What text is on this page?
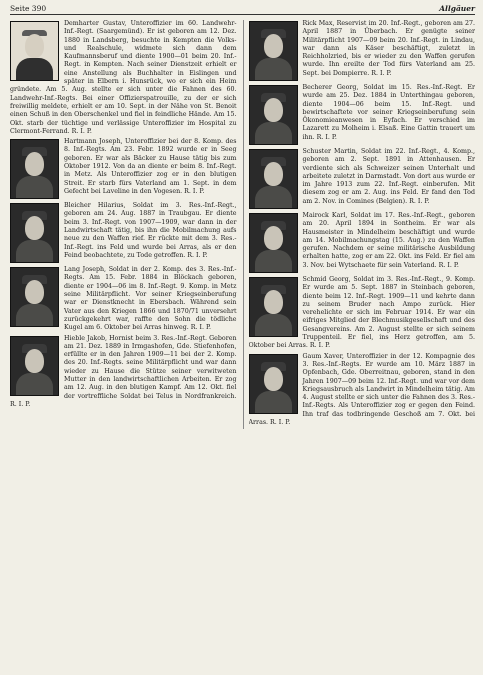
Seite 390	Allgäuer
Demharter Gustav, Unteroffizier im 60. Landwehr-Inf.-Regt. (Saargemünd). Er ist geboren am 12. Dez. 1880 in Landsberg, besuchte in Kempten die Volks- und Realschule, widmete sich dann dem Kaufmannsberuf und diente 1900—01 beim 20. Inf.-Regt. in Kempten. Nach seiner Dienstzeit erhielt er eine Anstellung als Buchhalter in Eislingen und später in Elbern i. Hunsrück, wo er sich ein Heim gründete. Am 5. Aug. stellte er sich unter die Fahnen des 60. Landwehr-Inf.-Regts. Bei einer Offizierspatrouille, zu der er sich freiwillig meldete, erhielt er am 10. Sept. in der Nähe von St. Benoit einen Schuß in den Oberschenkel und fiel in feindliche Hände. Am 15. Okt. starb der tüchtige und verlässige Unteroffizier im Hospital zu Clermont-Ferrand. R. I. P.
Hartmann Joseph, Unteroffizier bei der 8. Komp. des 8. Inf.-Regts. Am 23. Febr. 1892 wurde er in Seeg geboren. Er war als Bäcker zu Hause tätig bis zum Oktober 1912. Von da an diente er beim 8. Inf.-Regt. in Metz. Als Unteroffizier zog er in den blutigen Streit. Er starb fürs Vaterland am 1. Sept. in dem Gefecht bei Laveline in den Vogesen. R. I. P.
Bleicher Hilarius, Soldat im 3. Res.-Inf.-Regt., geboren am 24. Aug. 1887 in Traubgau. Er diente beim 3. Inf.-Regt. von 1907—1909, war dann in der Landwirtschaft tätig, bis ihn die Mobilmachung aufs neue zu den Waffen rief. Er rückte mit dem 3. Res.-Inf.-Regt. ins Feld und wurde bei Arras, als er den Feind beobachtete, zu Tode getroffen. R. I. P.
Lang Joseph, Soldat in der 2. Komp. des 3. Res.-Inf.-Regts. Am 15. Febr. 1884 in Blöckach geboren, diente er 1904—06 im 8. Inf.-Regt. 9. Komp. in Metz seine Militärpflicht. Vor seiner Kriegseinberufung war er Dienstknecht in Ebersbach. Während sein Vater aus den Kriegen 1866 und 1870/71 unversehrt zurückgekehrt war, raffte den Sohn die tödliche Kugel am 6. Oktober bei Arras hinweg. R. I. P.
Hieble Jakob, Hornist beim 3. Res.-Inf.-Regt. Geboren am 21. Dez. 1889 in Irmgashofen, Gde. Stiefenhofen, erfüllte er in den Jahren 1909—11 bei der 2. Komp. des 20. Inf.-Regts. seine Militärpflicht und war dann wieder zu Hause die Stütze seiner verwitweten Mutter in den landwirtschaftlichen Arbeiten. Er zog am 12. Aug. in den blutigen Kampf. Am 12. Okt. fiel der vortreffliche Soldat bei Telus in Nordfrankreich. R. I. P.
Rick Max, Reservist im 20. Inf.-Regt., geboren am 27. April 1887 in Überbach. Er genügte seiner Militärpflicht 1907—09 beim 20. Inf.-Regt. in Lindau, war dann als Käser beschäftigt, zuletzt in Reichholzried, bis er wieder zu den Waffen gerufen wurde. Ihn ereilte der Tod fürs Vaterland am 25. Sept. bei Dompierre. R. I. P.
Becherer Georg, Soldat im 15. Res.-Inf.-Regt. Er wurde am 25. Dez. 1884 in Unterthingau geboren, diente 1904—06 beim 15. Inf.-Regt. und bewirtschaftete vor seiner Kriegseinberufung sein Ökonomieanwesen in Eyfach. Er verschied im Lazarett zu Molheim i. Elsaß. Eine Gattin trauert um ihn. R. I. P.
Schuster Martin, Soldat im 22. Inf.-Regt., 4. Komp., geboren am 2. Sept. 1891 in Attenhausen. Er verdiente sich als Schweizer seinen Unterhalt und arbeitete zuletzt in Darmstadt. Von dort aus wurde er im Jahre 1913 zum 22. Inf.-Regt. einberufen. Mit diesem zog er am 2. Aug. ins Feld. Er fand den Tod am 2. Nov. in Comines (Belgien). R. I. P.
Mairock Karl, Soldat im 17. Res.-Inf.-Regt., geboren am 20. April 1894 in Sontheim. Er war als Hausmeister in Mindelheim beschäftigt und wurde am 14. Mobilmachungstag (15. Aug.) zu den Waffen gerufen. Nachdem er seine militärische Ausbildung erhalten hatte, zog er am 22. Okt. ins Feld. Er fiel am 3. Nov. bei Wytschaete für sein Vaterland. R. I. P.
Schmid Georg, Soldat im 3. Res.-Inf.-Regt., 9. Komp. Er wurde am 5. Sept. 1887 in Steinbach geboren, diente beim 12. Inf.-Regt. 1909—11 und kehrte dann zu seinem Bruder nach Ampo zurück. Hier verehelichte er sich im Februar 1914. Er war ein eifriges Mitglied der Blechmusikgesellschaft und des Gesangvereins. Am 2. August stellte er sich seinem Truppenteil. Er fiel, ins Herz getroffen, am 5. Oktober bei Arras. R. I. P.
Gaum Xaver, Unteroffizier in der 12. Kompagnie des 3. Res.-Inf.-Regts. Er wurde am 10. März 1887 in Opfenbach, Gde. Oberreitnau, geboren, stand in den Jahren 1907—09 beim 12. Inf.-Regt. und war vor dem Kriegsausbruch als Landwirt in Mindelheim tätig. Am 4. August stellte er sich unter die Fahnen des 3. Res.-Inf.-Regts. Als Unteroffizier zog er gegen den Feind. Ihn traf das todbringende Geschoß am 7. Okt. bei Arras. R. I. P.
